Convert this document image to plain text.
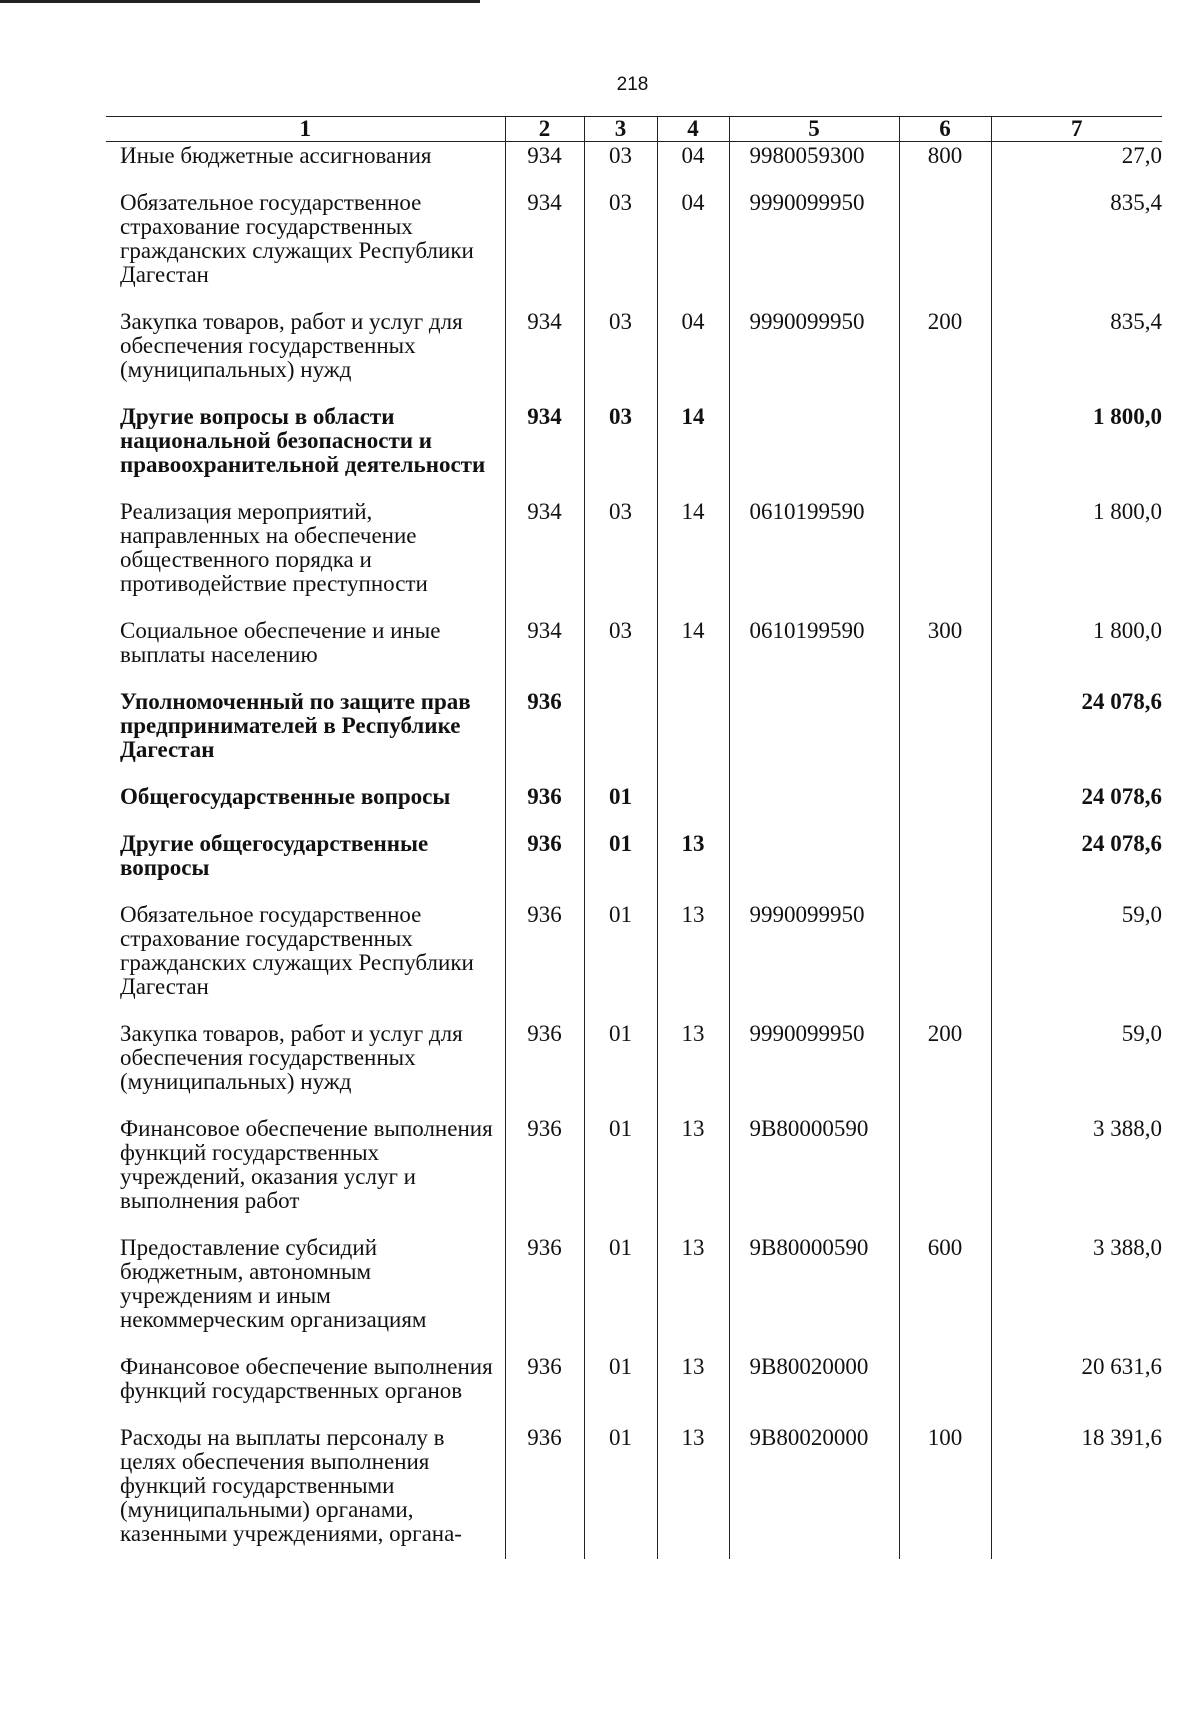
218
1	2	3	4	5	6	7
Иные бюджетные ассигнования	934	03	04	9980059300	800	27,0
Обязательное государственное страхование государственных гражданских служащих Республики Дагестан	934	03	04	9990099950		835,4
Закупка товаров, работ и услуг для обеспечения государственных (муниципальных) нужд	934	03	04	9990099950	200	835,4
Другие вопросы в области национальной безопасности и правоохранительной деятельности	934	03	14			1 800,0
Реализация мероприятий, направленных на обеспечение общественного порядка и противодействие преступности	934	03	14	0610199590		1 800,0
Социальное обеспечение и иные выплаты населению	934	03	14	0610199590	300	1 800,0
Уполномоченный по защите прав предпринимателей в Республике Дагестан	936					24 078,6
Общегосударственные вопросы	936	01				24 078,6
Другие общегосударственные вопросы	936	01	13			24 078,6
Обязательное государственное страхование государственных гражданских служащих Республики Дагестан	936	01	13	9990099950		59,0
Закупка товаров, работ и услуг для обеспечения государственных (муниципальных) нужд	936	01	13	9990099950	200	59,0
Финансовое обеспечение выполнения функций государственных учреждений, оказания услуг и выполнения работ	936	01	13	9В80000590		3 388,0
Предоставление субсидий бюджетным, автономным учреждениям и иным некоммерческим организациям	936	01	13	9В80000590	600	3 388,0
Финансовое обеспечение выполнения функций государственных органов	936	01	13	9В80020000		20 631,6
Расходы на выплаты персоналу в целях обеспечения выполнения функций государственными (муниципальными) органами, казенными учреждениями, органа-	936	01	13	9В80020000	100	18 391,6
